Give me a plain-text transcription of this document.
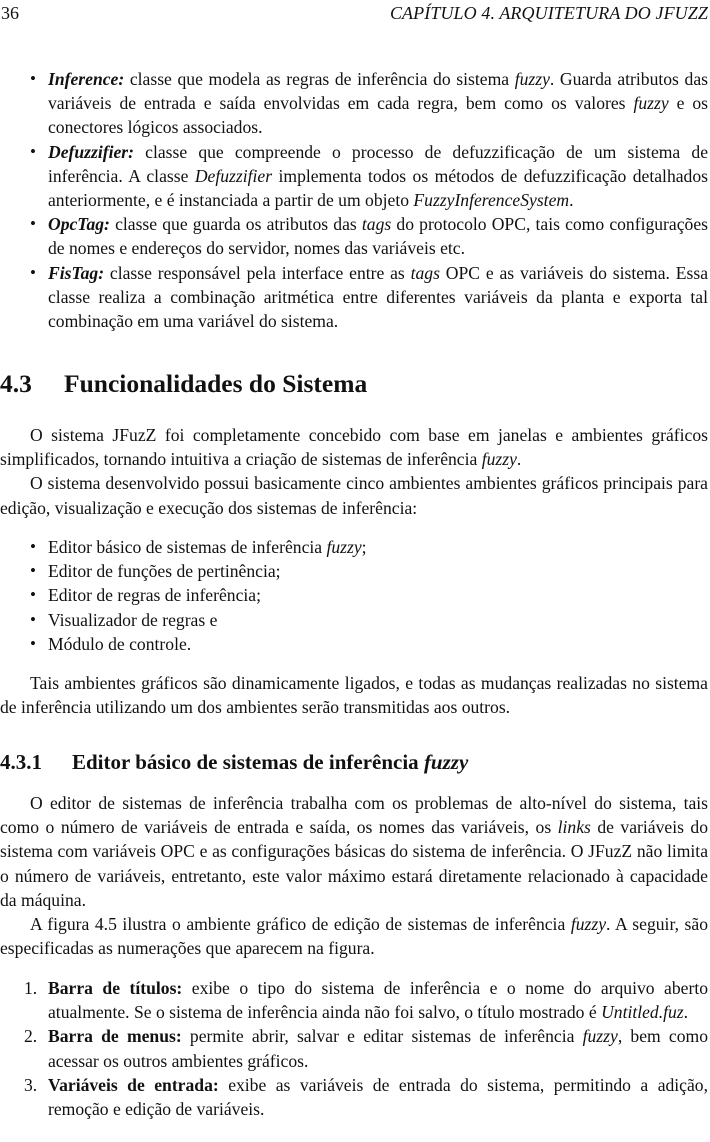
36	CAPÍTULO 4. ARQUITETURA DO JFUZZ
• Inference: classe que modela as regras de inferência do sistema fuzzy. Guarda atributos das variáveis de entrada e saída envolvidas em cada regra, bem como os valores fuzzy e os conectores lógicos associados.
• Defuzzifier: classe que compreende o processo de defuzzificação de um sistema de inferência. A classe Defuzzifier implementa todos os métodos de defuzzificação detalhados anteriormente, e é instanciada a partir de um objeto FuzzyInferenceSystem.
• OpcTag: classe que guarda os atributos das tags do protocolo OPC, tais como configurações de nomes e endereços do servidor, nomes das variáveis etc.
• FisTag: classe responsável pela interface entre as tags OPC e as variáveis do sistema. Essa classe realiza a combinação aritmética entre diferentes variáveis da planta e exporta tal combinação em uma variável do sistema.
4.3 Funcionalidades do Sistema

O sistema JFuzZ foi completamente concebido com base em janelas e ambientes gráficos simplificados, tornando intuitiva a criação de sistemas de inferência fuzzy.

O sistema desenvolvido possui basicamente cinco ambientes ambientes gráficos principais para edição, visualização e execução dos sistemas de inferência:

• Editor básico de sistemas de inferência fuzzy;
• Editor de funções de pertinência;
• Editor de regras de inferência;
• Visualizador de regras e
• Módulo de controle.

Tais ambientes gráficos são dinamicamente ligados, e todas as mudanças realizadas no sistema de inferência utilizando um dos ambientes serão transmitidas aos outros.

4.3.1 Editor básico de sistemas de inferência fuzzy

O editor de sistemas de inferência trabalha com os problemas de alto-nível do sistema, tais como o número de variáveis de entrada e saída, os nomes das variáveis, os links de variáveis do sistema com variáveis OPC e as configurações básicas do sistema de inferência. O JFuzZ não limita o número de variáveis, entretanto, este valor máximo estará diretamente relacionado à capacidade da máquina.

A figura 4.5 ilustra o ambiente gráfico de edição de sistemas de inferência fuzzy. A seguir, são especificadas as numerações que aparecem na figura.

1. Barra de títulos: exibe o tipo do sistema de inferência e o nome do arquivo aberto atualmente. Se o sistema de inferência ainda não foi salvo, o título mostrado é Untitled.fuz.
2. Barra de menus: permite abrir, salvar e editar sistemas de inferência fuzzy, bem como acessar os outros ambientes gráficos.
3. Variáveis de entrada: exibe as variáveis de entrada do sistema, permitindo a adição, remoção e edição de variáveis.
